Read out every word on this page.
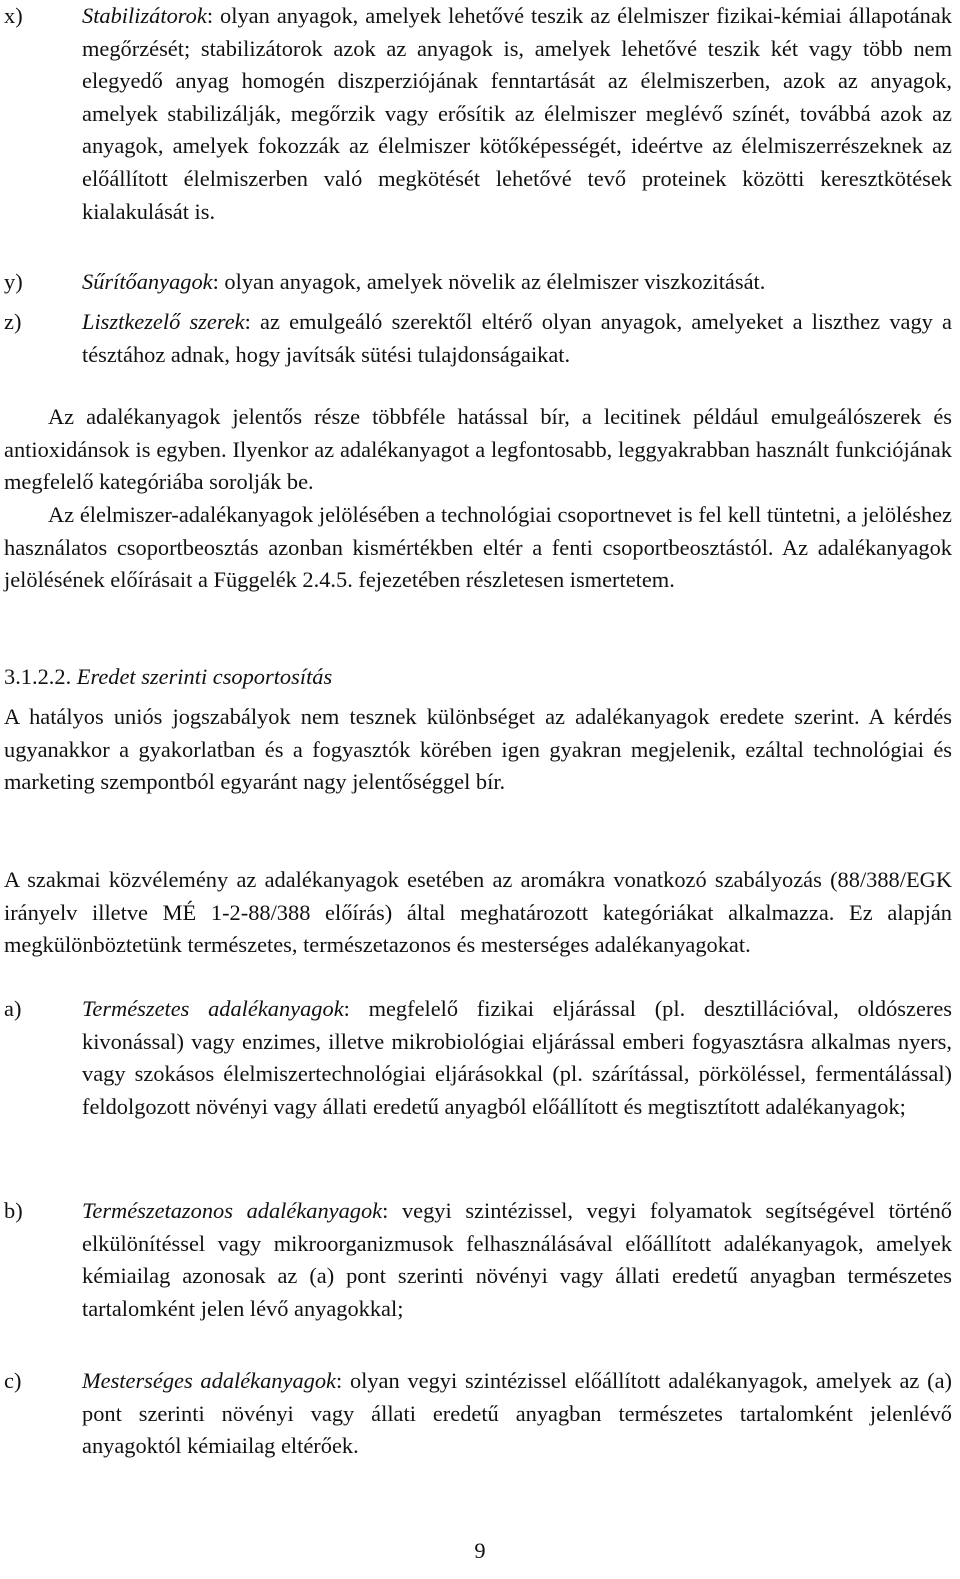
x)	Stabilizátorok: olyan anyagok, amelyek lehetővé teszik az élelmiszer fizikai-kémiai állapotának megőrzését; stabilizátorok azok az anyagok is, amelyek lehetővé teszik két vagy több nem elegyedő anyag homogén diszperziójának fenntartását az élelmiszerben, azok az anyagok, amelyek stabilizálják, megőrzik vagy erősítik az élelmiszer meglévő színét, továbbá azok az anyagok, amelyek fokozzák az élelmiszer kötőképességét, ideértve az élelmiszerrészeknek az előállított élelmiszerben való megkötését lehetővé tevő proteinek közötti keresztkötések kialakulását is.
y)	Sűrítőanyagok: olyan anyagok, amelyek növelik az élelmiszer viszkozitását.
z)	Lisztkezelő szerek: az emulgeáló szerektől eltérő olyan anyagok, amelyeket a liszthez vagy a tésztához adnak, hogy javítsák sütési tulajdonságaikat.
Az adalékanyagok jelentős része többféle hatással bír, a lecitinek például emulgeálószerek és antioxidánsok is egyben. Ilyenkor az adalékanyagot a legfontosabb, leggyakrabban használt funkciójának megfelelő kategóriába sorolják be.
Az élelmiszer-adalékanyagok jelölésében a technológiai csoportnevet is fel kell tüntetni, a jelöléshez használatos csoportbeosztás azonban kismértékben eltér a fenti csoportbeosztástól. Az adalékanyagok jelölésének előírásait a Függelék 2.4.5. fejezetében részletesen ismertetem.
3.1.2.2. Eredet szerinti csoportosítás
A hatályos uniós jogszabályok nem tesznek különbséget az adalékanyagok eredete szerint. A kérdés ugyanakkor a gyakorlatban és a fogyasztók körében igen gyakran megjelenik, ezáltal technológiai és marketing szempontból egyaránt nagy jelentőséggel bír.
A szakmai közvélemény az adalékanyagok esetében az aromákra vonatkozó szabályozás (88/388/EGK irányelv illetve MÉ 1-2-88/388 előírás) által meghatározott kategóriákat alkalmazza. Ez alapján megkülönböztetünk természetes, természetazonos és mesterséges adalékanyagokat.
a)	Természetes adalékanyagok: megfelelő fizikai eljárással (pl. desztillációval, oldószeres kivonással) vagy enzimes, illetve mikrobiológiai eljárással emberi fogyasztásra alkalmas nyers, vagy szokásos élelmiszertechnológiai eljárásokkal (pl. szárítással, pörköléssel, fermentálással) feldolgozott növényi vagy állati eredetű anyagból előállított és megtisztított adalékanyagok;
b)	Természetazonos adalékanyagok: vegyi szintézissel, vegyi folyamatok segítségével történő elkülönítéssel vagy mikroorganizmusok felhasználásával előállított adalékanyagok, amelyek kémiailag azonosak az (a) pont szerinti növényi vagy állati eredetű anyagban természetes tartalomként jelen lévő anyagokkal;
c)	Mesterséges adalékanyagok: olyan vegyi szintézissel előállított adalékanyagok, amelyek az (a) pont szerinti növényi vagy állati eredetű anyagban természetes tartalomként jelenlévő anyagoktól kémiailag eltérőek.
9
